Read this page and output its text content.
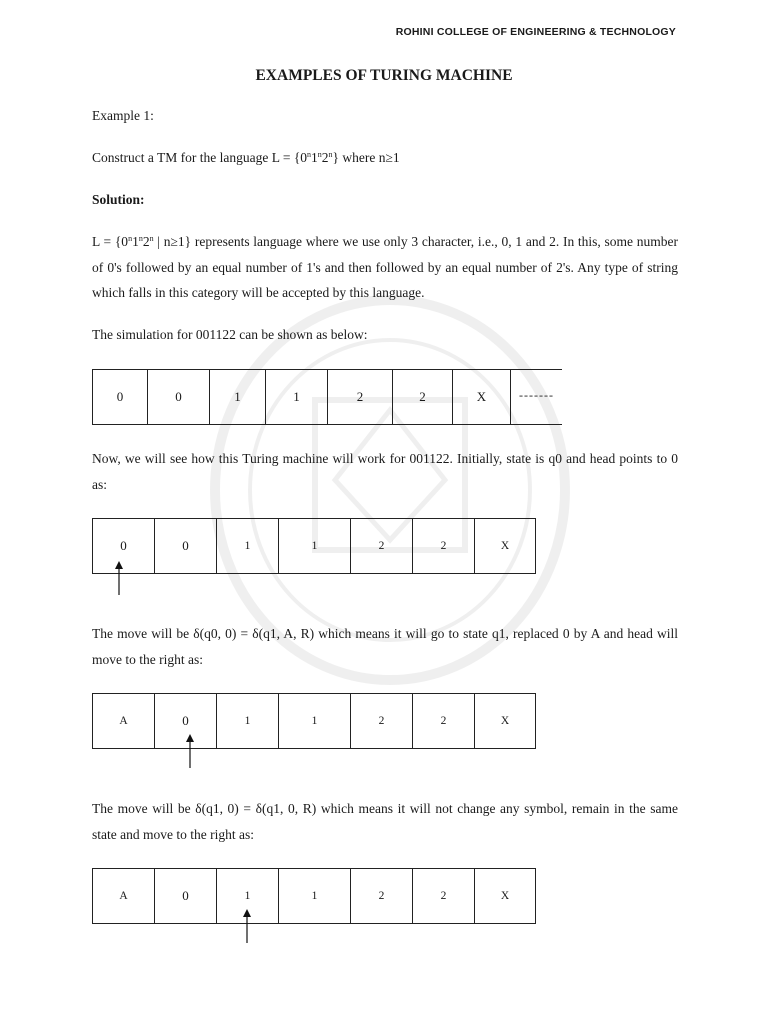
ROHINI COLLEGE OF ENGINEERING & TECHNOLOGY
EXAMPLES OF TURING MACHINE

Example 1:

Construct a TM for the language $L = \{0^n1^n2^n\}$ where n≥1

Solution:

$L = \{0^n1^n2^n$ | n≥1} represents language where we use only 3 character, i.e., 0, 1 and 2. In this, some number of 0's followed by an equal number of 1's and then followed by an equal number of 2's. Any type of string which falls in this category will be accepted by this language.

The simulation for 001122 can be shown as below:

0	0	1	1	2	2	X	-------

Now, we will see how this Turing machine will work for 001122. Initially, state is q0 and head points to 0 as:

0	0	1	1	2	2	X

The move will be δ(q0, 0) = δ(q1, A, R) which means it will go to state q1, replaced 0 by A and head will move to the right as:

A	0	1	1	2	2	X

The move will be δ(q1, 0) = δ(q1, 0, R) which means it will not change any symbol, remain in the same state and move to the right as:

A	0	1	1	2	2	X
